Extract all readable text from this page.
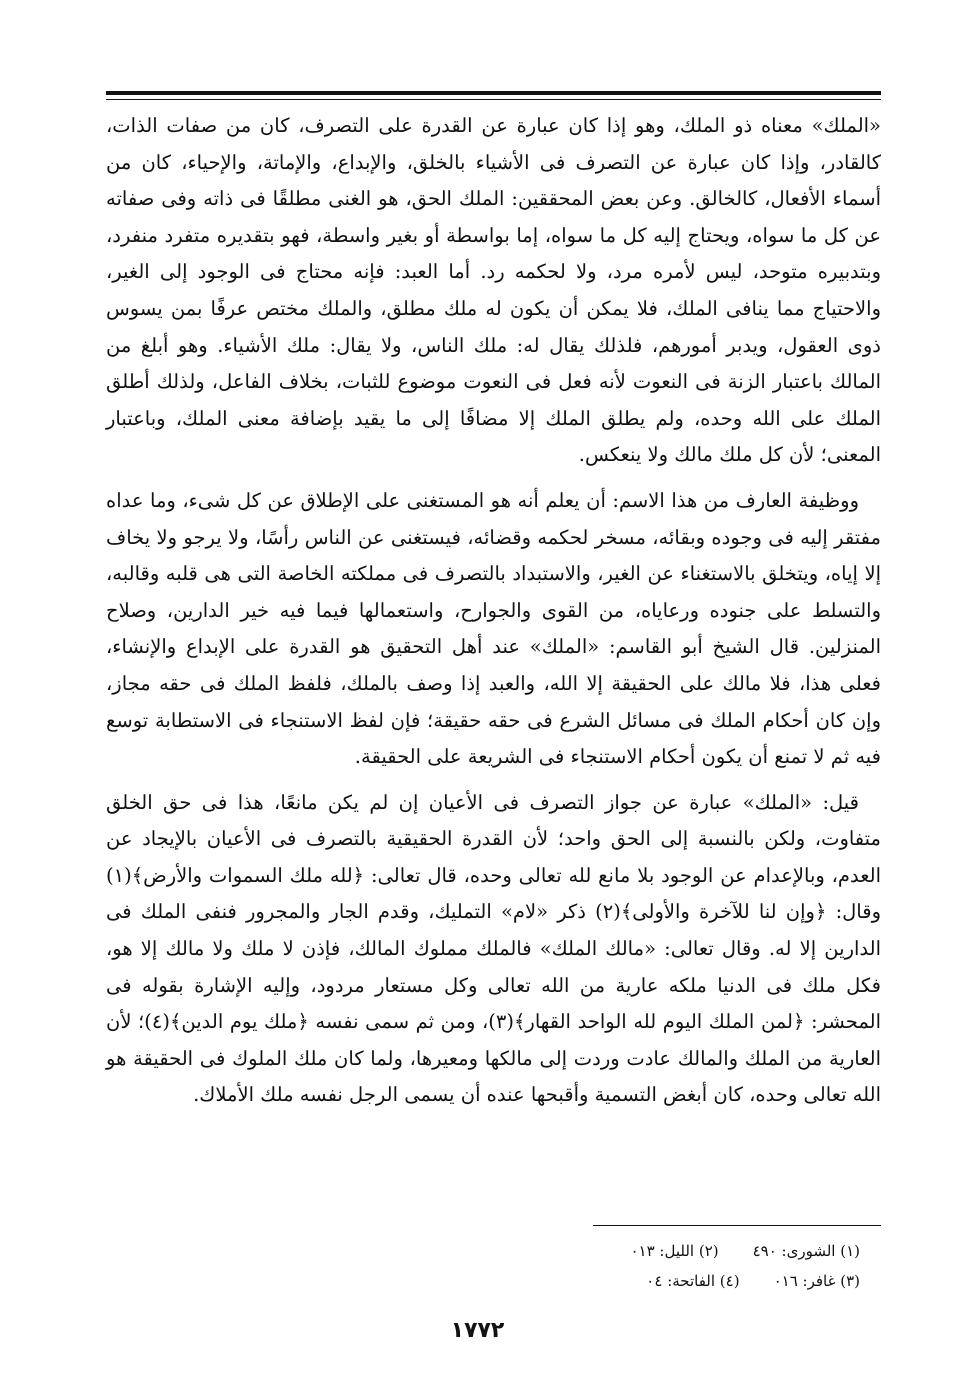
«الملك» معناه ذو الملك، وهو إذا كان عبارة عن القدرة على التصرف، كان من صفات الذات، كالقادر، وإذا كان عبارة عن التصرف فى الأشياء بالخلق، والإبداع، والإماتة، والإحياء، كان من أسماء الأفعال، كالخالق. وعن بعض المحققين: الملك الحق، هو الغنى مطلقًا فى ذاته وفى صفاته عن كل ما سواه، ويحتاج إليه كل ما سواه، إما بواسطة أو بغير واسطة، فهو بتقديره متفرد منفرد، وبتدبيره متوحد، ليس لأمره مرد، ولا لحكمه رد. أما العبد: فإنه محتاج فى الوجود إلى الغير، والاحتياج مما ينافى الملك، فلا يمكن أن يكون له ملك مطلق، والملك مختص عرفًا بمن يسوس ذوى العقول، ويدبر أمورهم، فلذلك يقال له: ملك الناس، ولا يقال: ملك الأشياء. وهو أبلغ من المالك باعتبار الزنة فى النعوت لأنه فعل فى النعوت موضوع للثبات، بخلاف الفاعل، ولذلك أطلق الملك على الله وحده، ولم يطلق الملك إلا مضافًا إلى ما يقيد بإضافة معنى الملك، وباعتبار المعنى؛ لأن كل ملك مالك ولا ينعكس.

ووظيفة العارف من هذا الاسم: أن يعلم أنه هو المستغنى على الإطلاق عن كل شىء، وما عداه مفتقر إليه فى وجوده وبقائه، مسخر لحكمه وقضائه، فيستغنى عن الناس رأسًا، ولا يرجو ولا يخاف إلا إياه، ويتخلق بالاستغناء عن الغير، والاستبداد بالتصرف فى مملكته الخاصة التى هى قلبه وقالبه، والتسلط على جنوده ورعاياه، من القوى والجوارح، واستعمالها فيما فيه خير الدارين، وصلاح المنزلين. قال الشيخ أبو القاسم: «الملك» عند أهل التحقيق هو القدرة على الإبداع والإنشاء، فعلى هذا، فلا مالك على الحقيقة إلا الله، والعبد إذا وصف بالملك، فلفظ الملك فى حقه مجاز، وإن كان أحكام الملك فى مسائل الشرع فى حقه حقيقة؛ فإن لفظ الاستنجاء فى الاستطابة توسع فيه ثم لا تمنع أن يكون أحكام الاستنجاء فى الشريعة على الحقيقة.

قيل: «الملك» عبارة عن جواز التصرف فى الأعيان إن لم يكن مانعًا، هذا فى حق الخلق متفاوت، ولكن بالنسبة إلى الحق واحد؛ لأن القدرة الحقيقية بالتصرف فى الأعيان بالإيجاد عن العدم، وبالإعدام عن الوجود بلا مانع لله تعالى وحده، قال تعالى: ﴿لله ملك السموات والأرض﴾(١) وقال: ﴿وإن لنا للآخرة والأولى﴾(٢) ذكر «لام» التمليك، وقدم الجار والمجرور فنفى الملك فى الدارين إلا له. وقال تعالى: «مالك الملك» فالملك مملوك المالك، فإذن لا ملك ولا مالك إلا هو، فكل ملك فى الدنيا ملكه عارية من الله تعالى وكل مستعار مردود، وإليه الإشارة بقوله فى المحشر: ﴿لمن الملك اليوم لله الواحد القهار﴾(٣)، ومن ثم سمى نفسه ﴿ملك يوم الدين﴾(٤)؛ لأن العارية من الملك والمالك عادت وردت إلى مالكها ومعيرها، ولما كان ملك الملوك فى الحقيقة هو الله تعالى وحده، كان أبغض التسمية وأقبحها عنده أن يسمى الرجل نفسه ملك الأملاك.

(١) الشورى: ٤٩٠
(٢) الليل: ٠١٣
(٣) غافر: ٠١٦
(٤) الفاتحة: ٠٤
١٧٧٢
